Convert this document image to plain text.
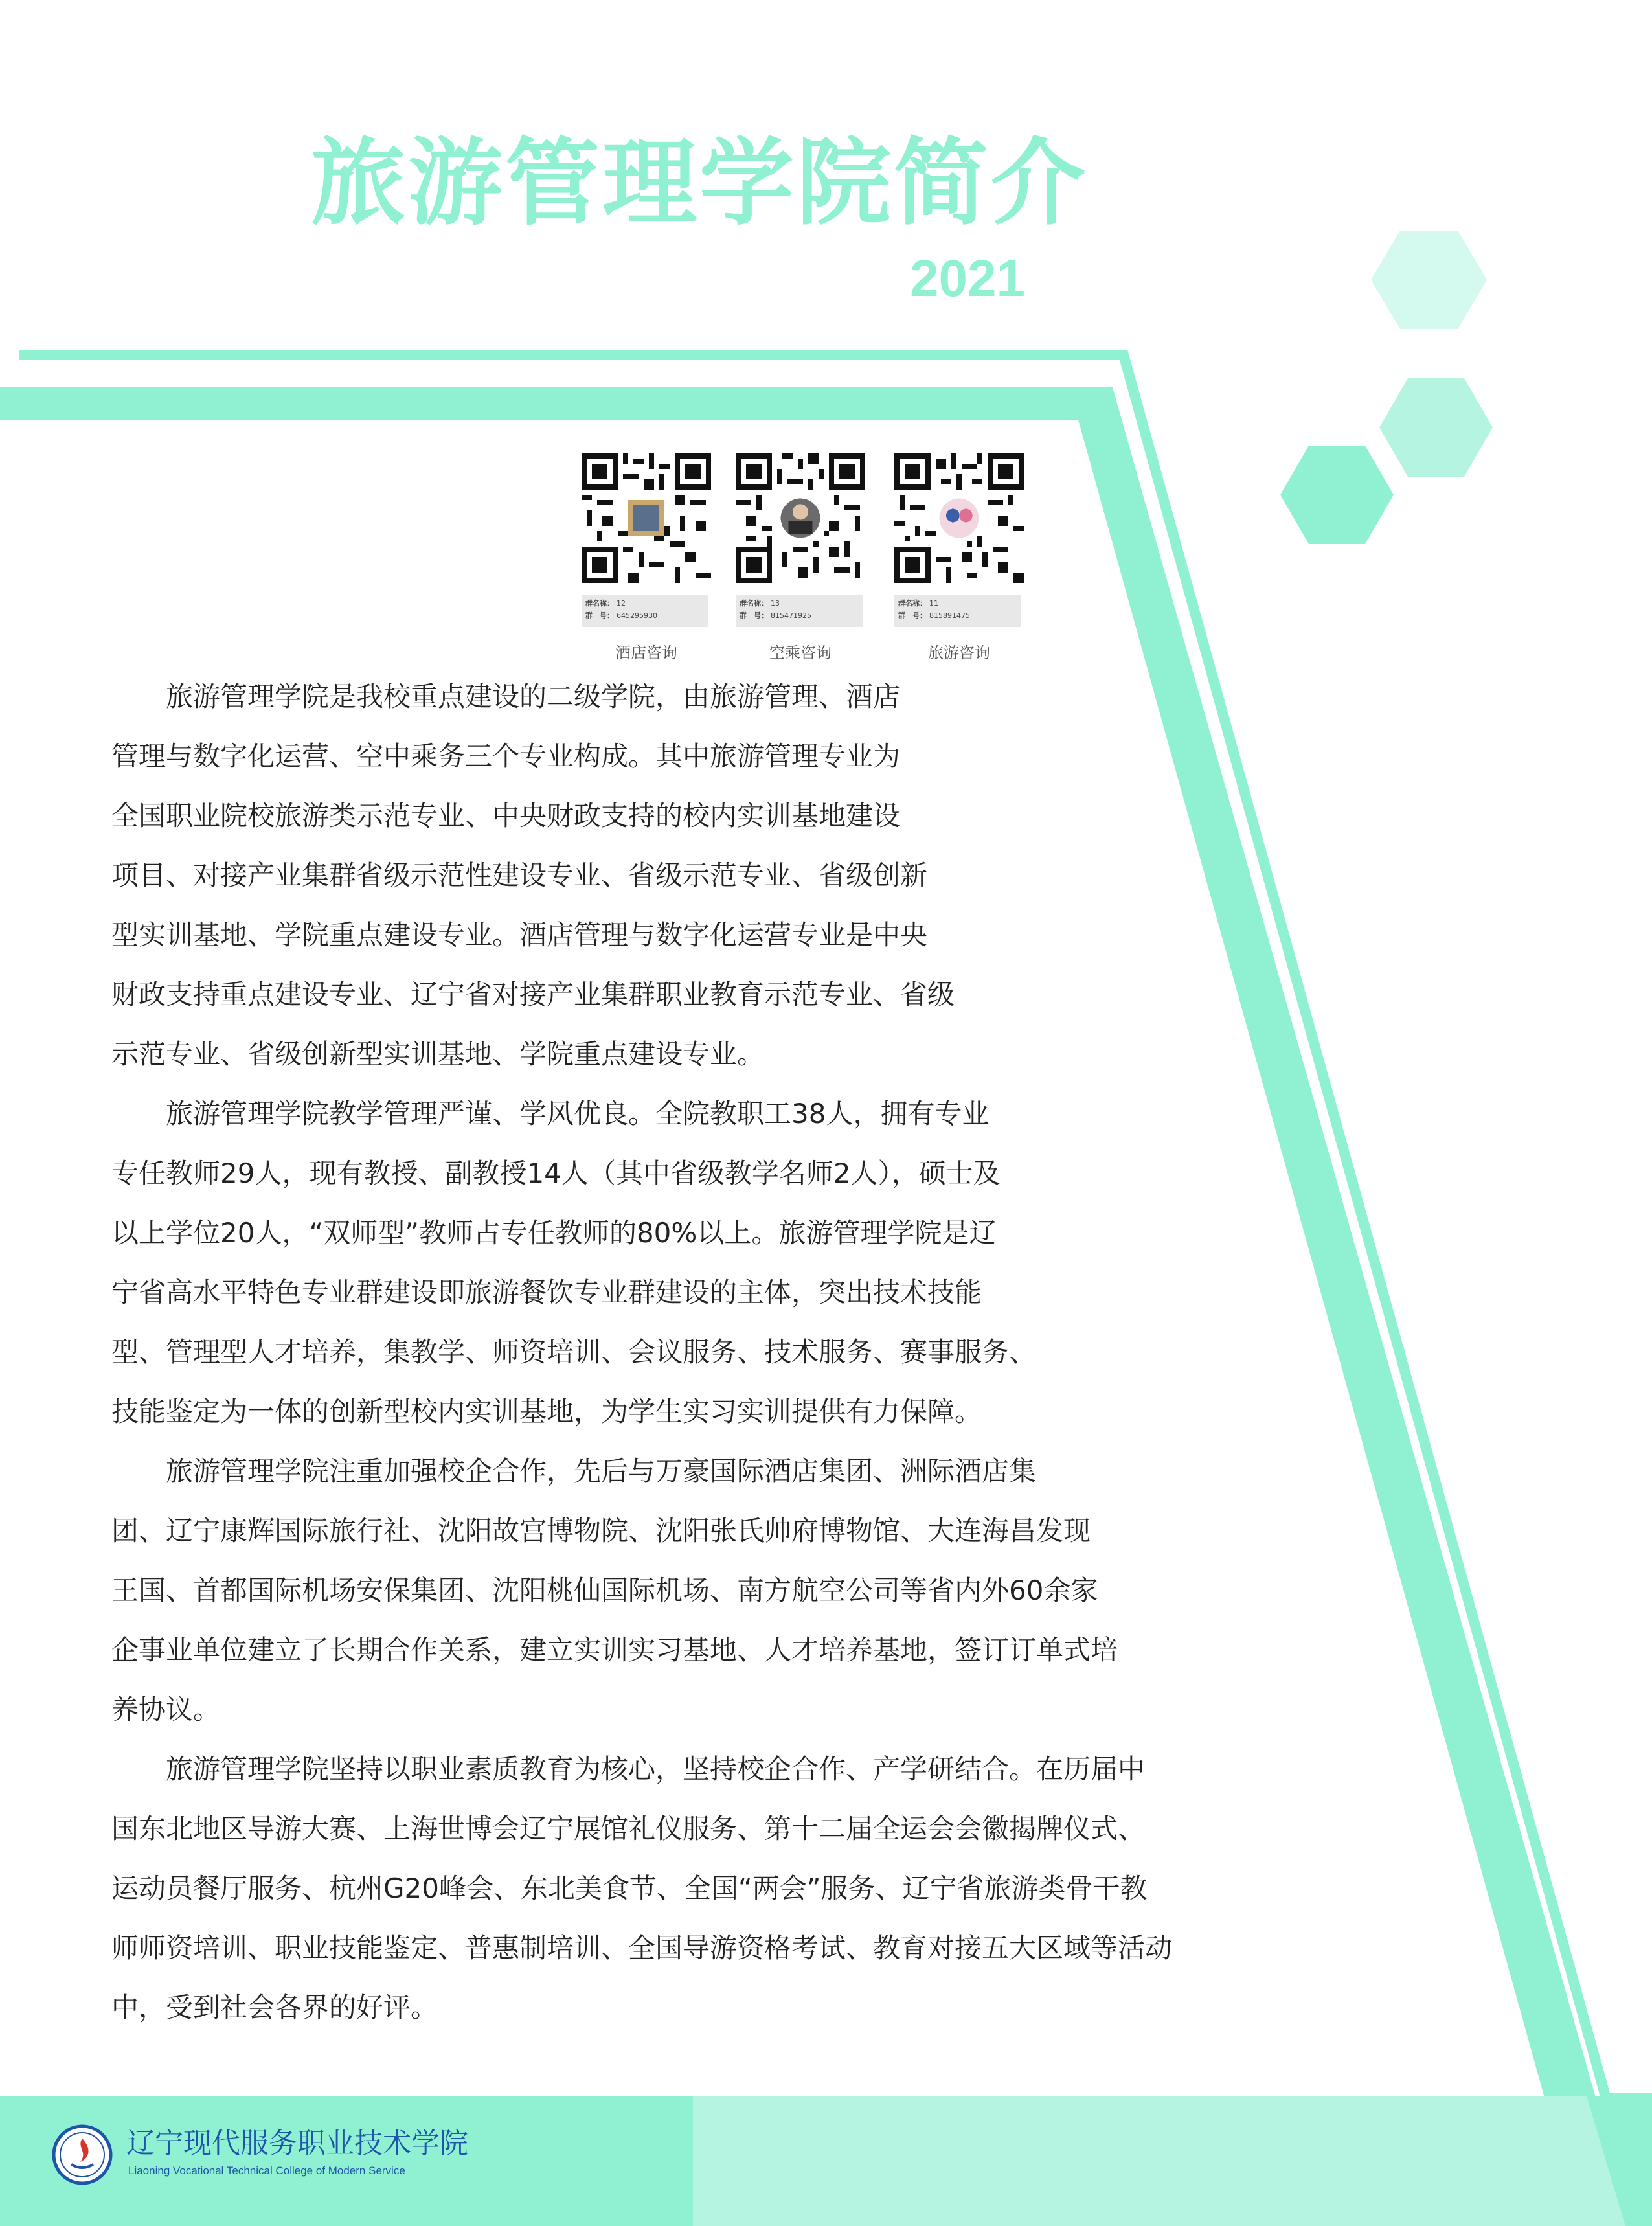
旅游管理学院简介
2021
群名称： 12
群　号： 645295930
酒店咨询
群名称： 13
群　号： 815471925
空乘咨询
群名称： 11
群　号： 815891475
旅游咨询

　　旅游管理学院是我校重点建设的二级学院，由旅游管理、酒店
管理与数字化运营、空中乘务三个专业构成。其中旅游管理专业为
全国职业院校旅游类示范专业、中央财政支持的校内实训基地建设
项目、对接产业集群省级示范性建设专业、省级示范专业、省级创新
型实训基地、学院重点建设专业。酒店管理与数字化运营专业是中央
财政支持重点建设专业、辽宁省对接产业集群职业教育示范专业、省级
示范专业、省级创新型实训基地、学院重点建设专业。

　　旅游管理学院教学管理严谨、学风优良。全院教职工38人，拥有专业
专任教师29人，现有教授、副教授14人（其中省级教学名师2人），硕士及
以上学位20人，“双师型”教师占专任教师的80%以上。旅游管理学院是辽
宁省高水平特色专业群建设即旅游餐饮专业群建设的主体，突出技术技能
型、管理型人才培养，集教学、师资培训、会议服务、技术服务、赛事服务、
技能鉴定为一体的创新型校内实训基地，为学生实习实训提供有力保障。

　　旅游管理学院注重加强校企合作，先后与万豪国际酒店集团、洲际酒店集
团、辽宁康辉国际旅行社、沈阳故宫博物院、沈阳张氏帅府博物馆、大连海昌发现
王国、首都国际机场安保集团、沈阳桃仙国际机场、南方航空公司等省内外60余家
企事业单位建立了长期合作关系，建立实训实习基地、人才培养基地，签订订单式培
养协议。

　　旅游管理学院坚持以职业素质教育为核心，坚持校企合作、产学研结合。在历届中
国东北地区导游大赛、上海世博会辽宁展馆礼仪服务、第十二届全运会会徽揭牌仪式、
运动员餐厅服务、杭州G20峰会、东北美食节、全国“两会”服务、辽宁省旅游类骨干教
师师资培训、职业技能鉴定、普惠制培训、全国导游资格考试、教育对接五大区域等活动
中，受到社会各界的好评。

辽宁现代服务职业技术学院
Liaoning Vocational Technical College of Modern Service
